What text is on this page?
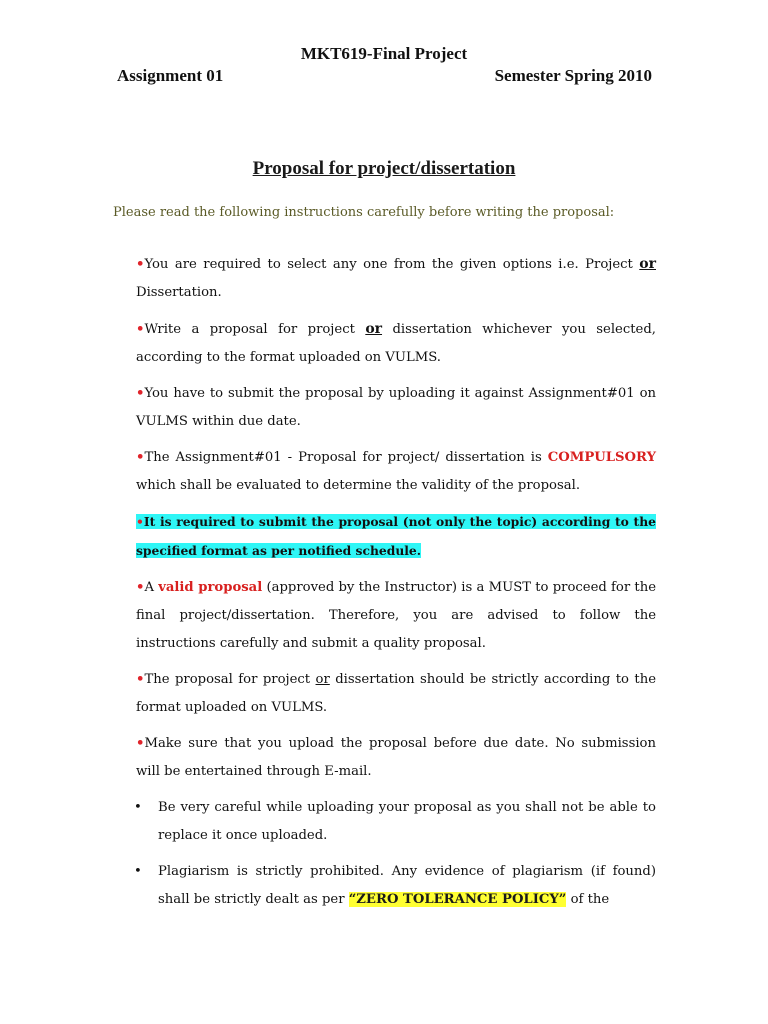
MKT619-Final Project
Assignment 01	Semester Spring 2010
Proposal for project/dissertation
Please read the following instructions carefully before writing the proposal:
•You are required to select any one from the given options i.e. Project or Dissertation.
•Write a proposal for project or dissertation whichever you selected, according to the format uploaded on VULMS.
•You have to submit the proposal by uploading it against Assignment#01 on VULMS within due date.
•The Assignment#01 - Proposal for project/ dissertation is COMPULSORY which shall be evaluated to determine the validity of the proposal.
•It is required to submit the proposal (not only the topic) according to the specified format as per notified schedule.
•A valid proposal (approved by the Instructor) is a MUST to proceed for the final project/dissertation. Therefore, you are advised to follow the instructions carefully and submit a quality proposal.
•The proposal for project or dissertation should be strictly according to the format uploaded on VULMS.
•Make sure that you upload the proposal before due date. No submission will be entertained through E-mail.
• Be very careful while uploading your proposal as you shall not be able to replace it once uploaded.
• Plagiarism is strictly prohibited. Any evidence of plagiarism (if found) shall be strictly dealt as per “ZERO TOLERANCE POLICY” of the
